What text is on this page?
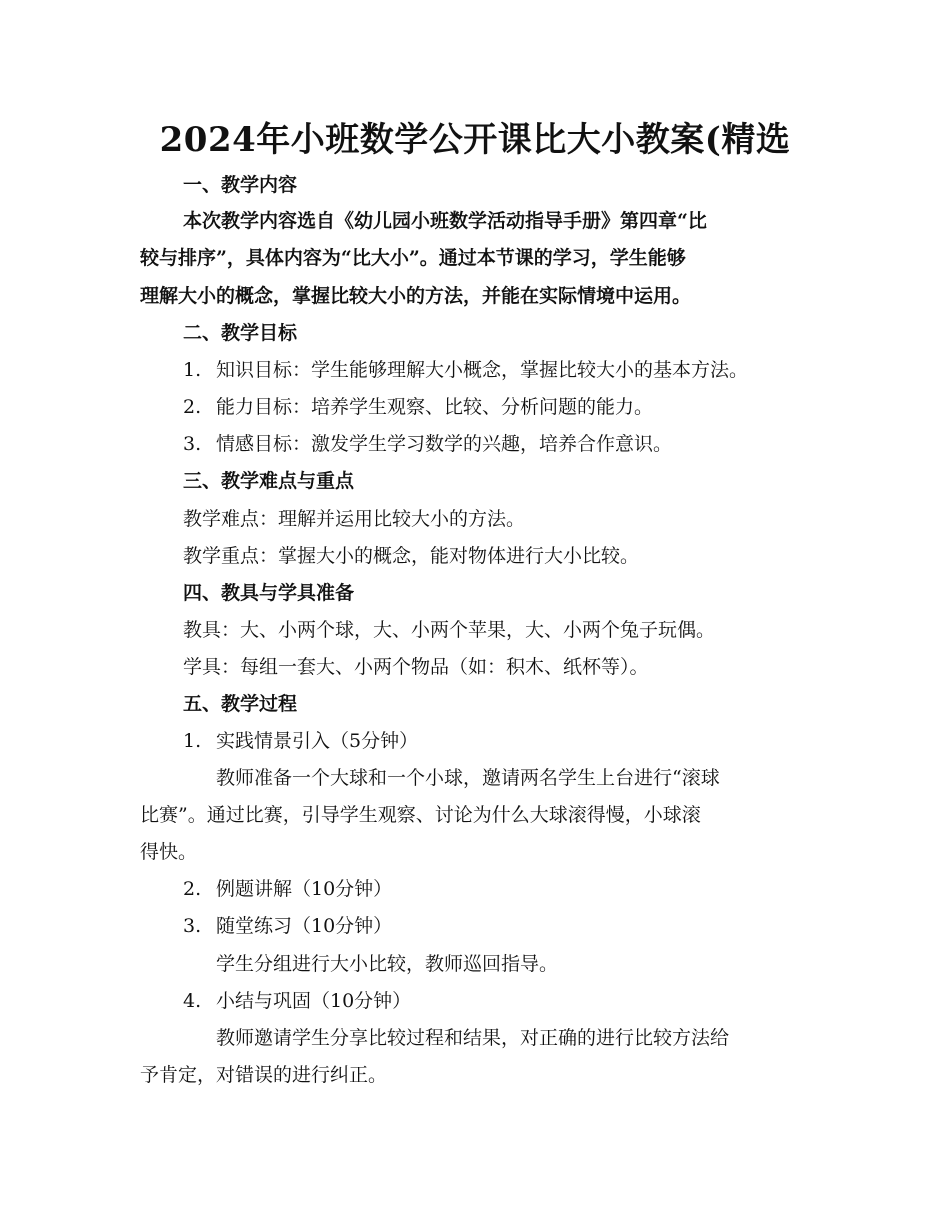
2024年小班数学公开课比大小教案(精选
一、教学内容
本次教学内容选自《幼儿园小班数学活动指导手册》第四章“比
较与排序”，具体内容为“比大小”。通过本节课的学习，学生能够
理解大小的概念，掌握比较大小的方法，并能在实际情境中运用。
二、教学目标
1. 知识目标：学生能够理解大小概念，掌握比较大小的基本方法。
2. 能力目标：培养学生观察、比较、分析问题的能力。
3. 情感目标：激发学生学习数学的兴趣，培养合作意识。
三、教学难点与重点
教学难点：理解并运用比较大小的方法。
教学重点：掌握大小的概念，能对物体进行大小比较。
四、教具与学具准备
教具：大、小两个球，大、小两个苹果，大、小两个兔子玩偶。
学具：每组一套大、小两个物品（如：积木、纸杯等）。
五、教学过程
1. 实践情景引入（5分钟）
教师准备一个大球和一个小球，邀请两名学生上台进行“滚球
比赛”。通过比赛，引导学生观察、讨论为什么大球滚得慢，小球滚
得快。
2. 例题讲解（10分钟）
3. 随堂练习（10分钟）
学生分组进行大小比较，教师巡回指导。
4. 小结与巩固（10分钟）
教师邀请学生分享比较过程和结果，对正确的进行比较方法给
予肯定，对错误的进行纠正。
